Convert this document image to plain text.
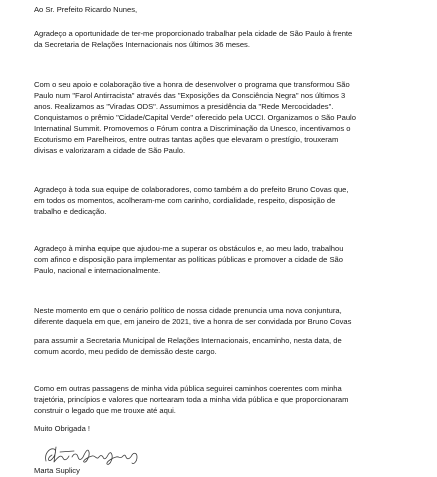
Ao Sr. Prefeito Ricardo Nunes,

Agradeço a oportunidade de ter-me proporcionado trabalhar pela cidade de São Paulo à frente

da Secretaria de Relações Internacionais nos últimos 36 meses.

Com o seu apoio e colaboração tive a honra de desenvolver o programa que transformou São

Paulo num "Farol Antirracista" através das "Exposições da Consciência Negra" nos últimos 3

anos. Realizamos as "Viradas ODS". Assumimos a presidência da "Rede Mercocidades".

Conquistamos o prêmio "Cidade/Capital Verde" oferecido pela UCCI. Organizamos o São Paulo

Internatinal Summit. Promovemos o Fórum contra a Discriminação da Unesco, incentivamos o

Ecoturismo em Parelheiros, entre outras tantas ações que elevaram o prestígio, trouxeram

divisas e valorizaram a cidade de São Paulo.

Agradeço à toda sua equipe de colaboradores, como também a do prefeito Bruno Covas que,

em todos os momentos, acolheram-me com carinho, cordialidade, respeito, disposição de

trabalho e dedicação.

Agradeço à minha equipe que ajudou-me a superar os obstáculos e, ao meu lado, trabalhou

com afinco e disposição para implementar as políticas públicas e promover a cidade de São

Paulo, nacional e internacionalmente.

Neste momento em que o cenário político de nossa cidade prenuncia uma nova conjuntura,

diferente daquela em que, em janeiro de 2021, tive a honra de ser convidada por Bruno Covas

para assumir a Secretaria Municipal de Relações Internacionais, encaminho, nesta data, de

comum acordo, meu pedido de demissão deste cargo.

Como em outras passagens de minha vida pública seguirei caminhos coerentes com minha

trajetória, princípios e valores que nortearam toda a minha vida pública e que proporcionaram

construir o legado que me trouxe até aqui.

Muito Obrigada !

Marta Suplicy
